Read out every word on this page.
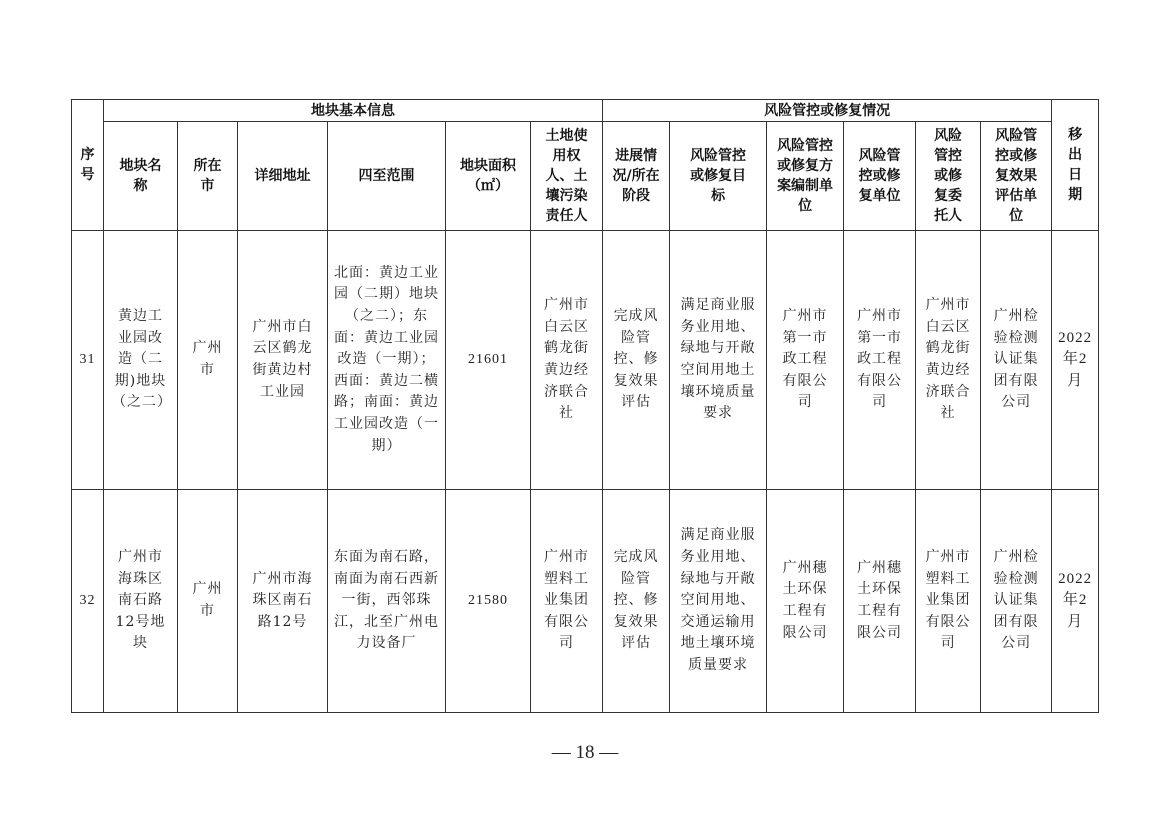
序号	地块基本信息						风险管控或修复情况						移出日期
	地块名称	所在市	详细地址	四至范围	地块面积（㎡）	土地使用权人、土壤污染责任人	进展情况/所在阶段	风险管控或修复目标	风险管控或修复方案编制单位	风险管控或修复单位	风险管控或修复委托人	风险管控或修复效果评估单位	
31	黄边工业园改造（二期)地块（之二）	广州市	广州市白云区鹤龙街黄边村工业园	北面：黄边工业园（二期）地块（之二）；东面：黄边工业园改造（一期）； 西面：黄边二横路；南面：黄边工业园改造（一期）	21601	广州市白云区鹤龙街黄边经济联合社	完成风险管控、修复效果评估	满足商业服务业用地、绿地与开敞空间用地土壤环境质量要求	广州市第一市政工程有限公司	广州市第一市政工程有限公司	广州市白云区鹤龙街黄边经济联合社	广州检验检测认证集团有限公司	2022年2月
32	广州市海珠区南石路12号地块	广州市	广州市海珠区南石路12号	东面为南石路，南面为南石西新一街，西邻珠江，北至广州电力设备厂	21580	广州市塑料工业集团有限公司	完成风险管控、修复效果评估	满足商业服务业用地、绿地与开敞空间用地、交通运输用地土壤环境质量要求	广州穗土环保工程有限公司	广州穗土环保工程有限公司	广州市塑料工业集团有限公司	广州检验检测认证集团有限公司	2022年2月
— 18 —
